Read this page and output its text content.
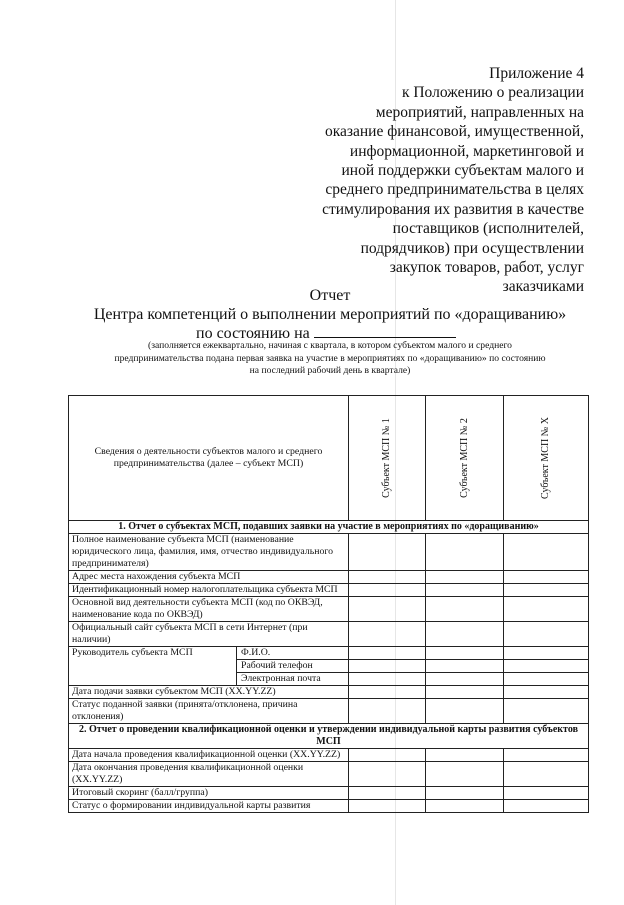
Приложение 4
к Положению о реализации
мероприятий, направленных на
оказание финансовой, имущественной,
информационной, маркетинговой и
иной поддержки субъектам малого и
среднего предпринимательства в целях
стимулирования их развития в качестве
поставщиков (исполнителей,
подрядчиков) при осуществлении
закупок товаров, работ, услуг
заказчиками
Отчет
Центра компетенций о выполнении мероприятий по «доращиванию»
по состоянию на
(заполняется ежеквартально, начиная с квартала, в котором субъектом малого и среднего
предпринимательства подана первая заявка на участие в мероприятиях по «доращиванию» по состоянию
на последний рабочий день в квартале)
Сведения о деятельности субъектов малого и среднего предпринимательства (далее – субъект МСП)		Субъект МСП № 1	Субъект МСП № 2	Субъект МСП № X

1. Отчет о субъектах МСП, подавших заявки на участие в мероприятиях по «доращиванию»				
Полное наименование субъекта МСП (наименование юридического лица, фамилия, имя, отчество индивидуального предпринимателя)				
Адрес места нахождения субъекта МСП				
Идентификационный номер налогоплательщика субъекта МСП				
Основной вид деятельности субъекта МСП (код по ОКВЭД, наименование кода по ОКВЭД)				
Официальный сайт субъекта МСП в сети Интернет (при наличии)				
Руководитель субъекта МСП	Ф.И.О.			
	Рабочий телефон			
	Электронная почта			
Дата подачи заявки субъектом МСП (XX.YY.ZZ)				
Статус поданной заявки (принята/отклонена, причина отклонения)				
2. Отчет о проведении квалификационной оценки и утверждении индивидуальной карты развития субъектов МСП				
Дата начала проведения квалификационной оценки (XX.YY.ZZ)				
Дата окончания проведения квалификационной оценки (XX.YY.ZZ)				
Итоговый скоринг (балл/группа)				
Статус о формировании индивидуальной карты развития				
